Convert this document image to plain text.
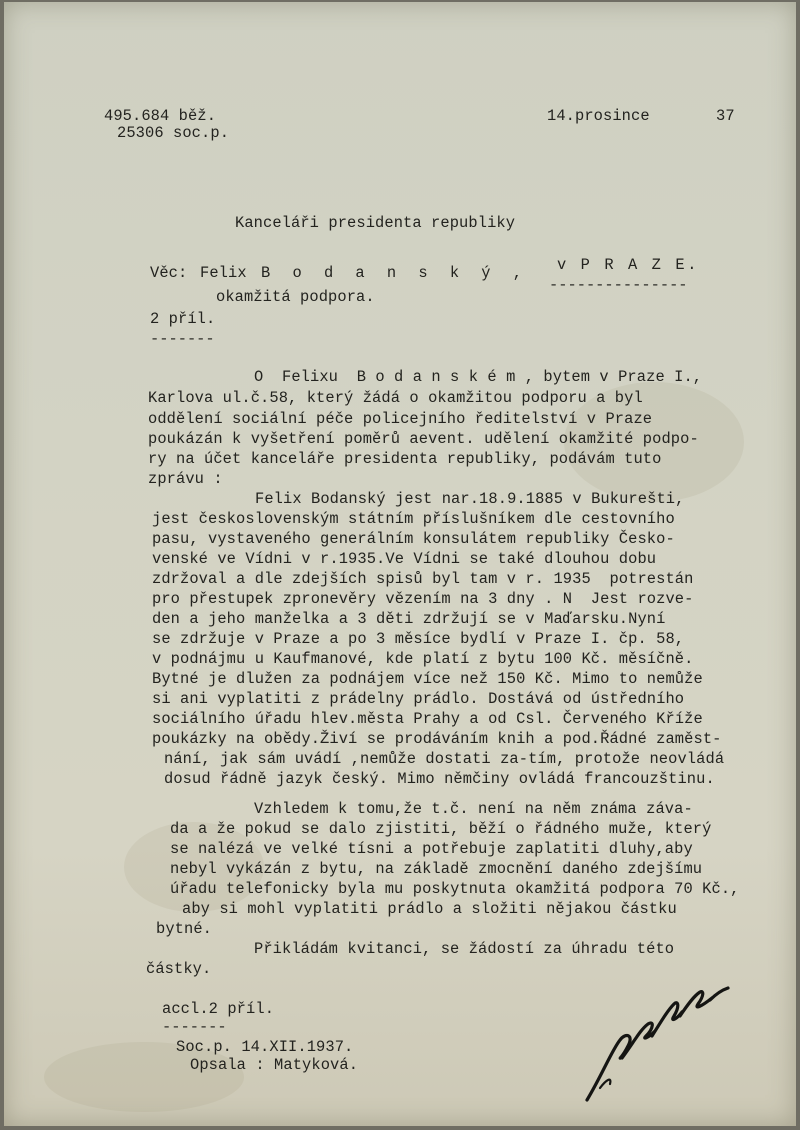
495.684 běž.
25306 soc.p.
14.prosince	37
Kanceláři presidenta republiky
Věc: Felix B o d a n s k ý , v P R A Z E.
---------------
okamžitá podpora.
2 příl.
-------
O  Felixu  B o d a n s k é m , bytem v Praze I.,
Karlova ul.č.58, který žádá o okamžitou podporu a byl
oddělení sociální péče policejního ředitelství v Praze
poukázán k vyšetření poměrů aevent. udělení okamžité podpo-
ry na účet kanceláře presidenta republiky, podávám tuto
zprávu :
Felix Bodanský jest nar.18.9.1885 v Bukurešti,
jest československým státním příslušníkem dle cestovního
pasu, vystaveného generálním konsulátem republiky Česko-
venské ve Vídni v r.1935.Ve Vídni se také dlouhou dobu
zdržoval a dle zdejších spisů byl tam v r. 1935  potrestán
pro přestupek zpronevěry vězením na 3 dny . N  Jest rozve-
den a jeho manželka a 3 děti zdržují se v Maďarsku.Nyní
se zdržuje v Praze a po 3 měsíce bydlí v Praze I. čp. 58,
v podnájmu u Kaufmanové, kde platí z bytu 100 Kč. měsíčně.
Bytné je dlužen za podnájem více než 150 Kč. Mimo to nemůže
si ani vyplatiti z prádelny prádlo. Dostává od ústředního
sociálního úřadu hlev.města Prahy a od Csl. Červeného Kříže
poukázky na obědy.Živí se prodáváním knih a pod.Řádné zaměst-
nání, jak sám uvádí ,nemůže dostati za-tím, protože neovládá
dosud řádně jazyk český. Mimo němčiny ovládá francouzštinu.
Vzhledem k tomu,že t.č. není na něm známa záva-
da a že pokud se dalo zjistiti, běží o řádného muže, který
se nalézá ve velké tísni a potřebuje zaplatiti dluhy,aby
nebyl vykázán z bytu, na základě zmocnění daného zdejšímu
úřadu telefonicky byla mu poskytnuta okamžitá podpora 70 Kč.,
aby si mohl vyplatiti prádlo a složiti nějakou částku
bytné.
Přikládám kvitanci, se žádostí za úhradu této
částky.
accl.2 příl.
-------
Soc.p. 14.XII.1937.
Opsala : Matyková.
